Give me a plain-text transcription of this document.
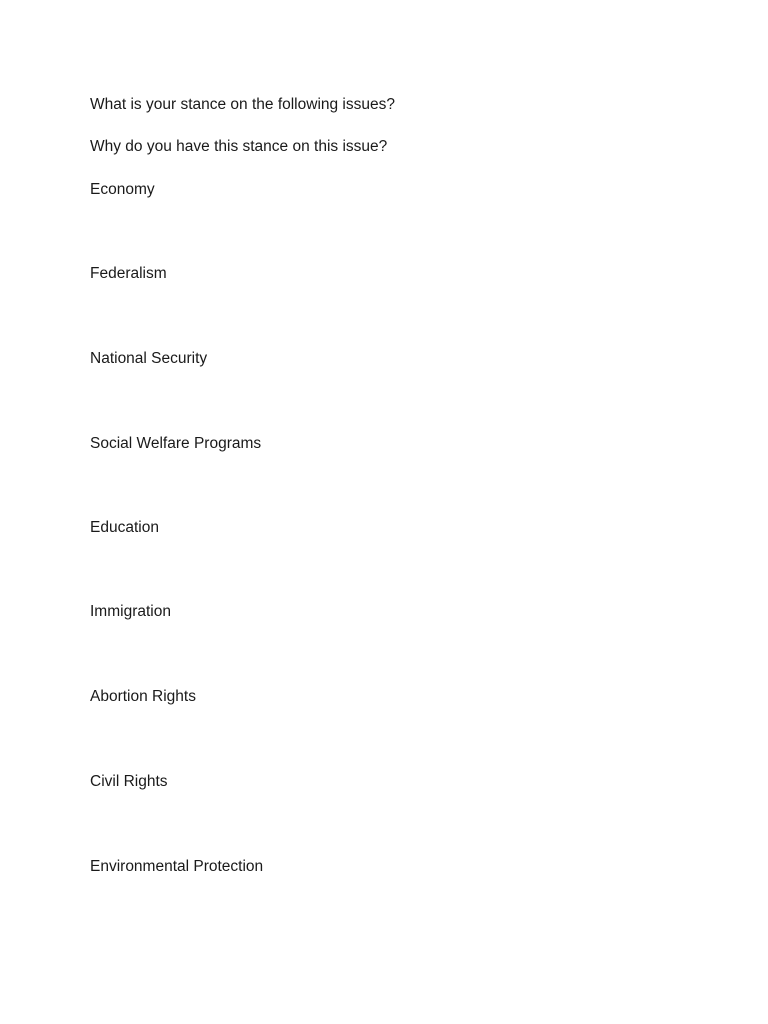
What is your stance on the following issues?
Why do you have this stance on this issue?
Economy
Federalism
National Security
Social Welfare Programs
Education
Immigration
Abortion Rights
Civil Rights
Environmental Protection
